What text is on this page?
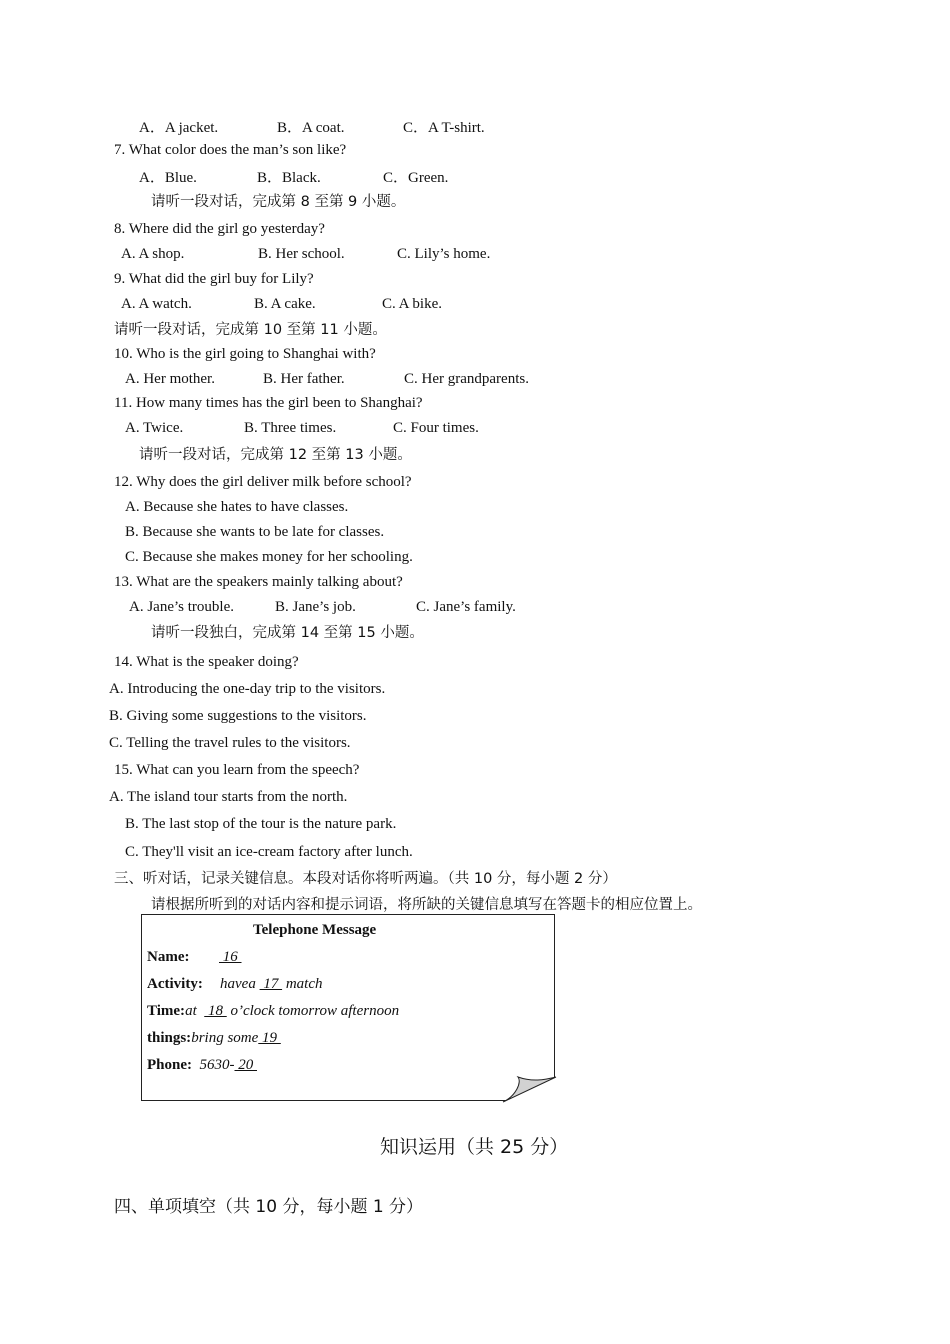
A．A jacket.	B．A coat.	C．A T-shirt.
7. What color does the man’s son like?
A．Blue.	B．Black.	C．Green.
请听一段对话，完成第 8 至第 9 小题。
8. Where did the girl go yesterday?
A. A shop.	B. Her school.	C. Lily’s home.
9. What did the girl buy for Lily?
A. A watch.	B. A cake.	C. A bike.
请听一段对话，完成第 10 至第 11 小题。
10. Who is the girl going to Shanghai with?
A. Her mother.	B. Her father.	C. Her grandparents.
11. How many times has the girl been to Shanghai?
A. Twice.	B. Three times.	C. Four times.
请听一段对话，完成第 12 至第 13 小题。
12. Why does the girl deliver milk before school?
A. Because she hates to have classes.
B. Because she wants to be late for classes.
C. Because she makes money for her schooling.
13. What are the speakers mainly talking about?
A. Jane’s trouble.	B. Jane’s job.	C. Jane’s family.
请听一段独白，完成第 14 至第 15 小题。
14. What is the speaker doing?
A. Introducing the one-day trip to the visitors.
B. Giving some suggestions to the visitors.
C. Telling the travel rules to the visitors.
15. What can you learn from the speech?
A. The island tour starts from the north.
B. The last stop of the tour is the nature park.
C. They'll visit an ice-cream factory after lunch.
三、听对话，记录关键信息。本段对话你将听两遍。（共 10 分，每小题 2 分）
请根据所听到的对话内容和提示词语，将所缺的关键信息填写在答题卡的相应位置上。
Telephone Message
Name: 16
Activity: havea  17  match
Time:at   18  o’clock tomorrow afternoon
things:bring some 19
Phone: 5630- 20
知识运用（共 25 分）
四、单项填空（共 10 分，每小题 1 分）
